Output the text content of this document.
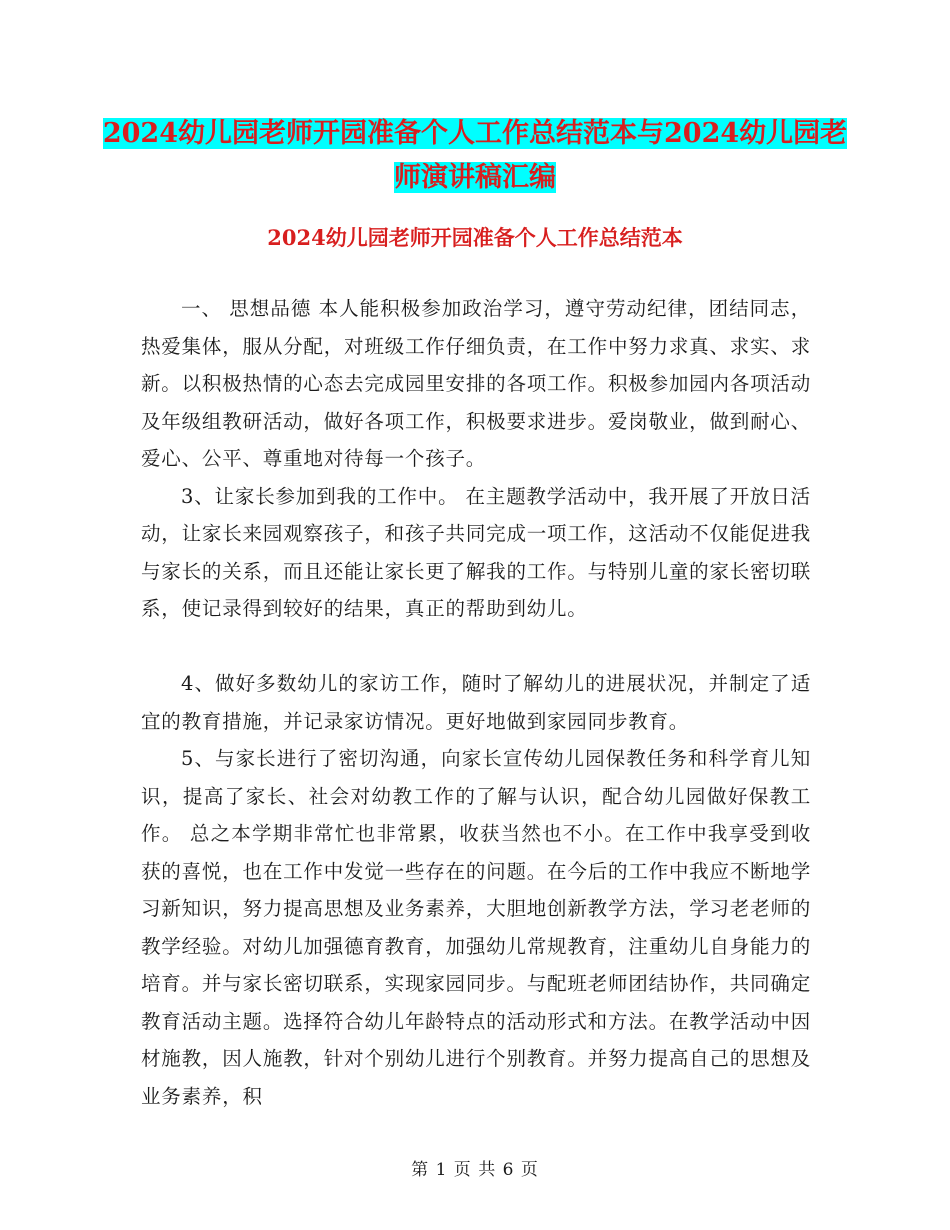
2024幼儿园老师开园准备个人工作总结范本与2024幼儿园老师演讲稿汇编
2024幼儿园老师开园准备个人工作总结范本

一、 思想品德 本人能积极参加政治学习，遵守劳动纪律，团结同志，热爱集体，服从分配，对班级工作仔细负责，在工作中努力求真、求实、求新。以积极热情的心态去完成园里安排的各项工作。积极参加园内各项活动及年级组教研活动，做好各项工作，积极要求进步。爱岗敬业，做到耐心、爱心、公平、尊重地对待每一个孩子。

3、让家长参加到我的工作中。 在主题教学活动中，我开展了开放日活动，让家长来园观察孩子，和孩子共同完成一项工作，这活动不仅能促进我与家长的关系，而且还能让家长更了解我的工作。与特别儿童的家长密切联系，使记录得到较好的结果，真正的帮助到幼儿。

4、做好多数幼儿的家访工作，随时了解幼儿的进展状况，并制定了适宜的教育措施，并记录家访情况。更好地做到家园同步教育。

5、与家长进行了密切沟通，向家长宣传幼儿园保教任务和科学育儿知识，提高了家长、社会对幼教工作的了解与认识，配合幼儿园做好保教工作。 总之本学期非常忙也非常累，收获当然也不小。在工作中我享受到收获的喜悦，也在工作中发觉一些存在的问题。在今后的工作中我应不断地学习新知识，努力提高思想及业务素养，大胆地创新教学方法，学习老老师的教学经验。对幼儿加强德育教育，加强幼儿常规教育，注重幼儿自身能力的培育。并与家长密切联系，实现家园同步。与配班老师团结协作，共同确定教育活动主题。选择符合幼儿年龄特点的活动形式和方法。在教学活动中因材施教，因人施教，针对个别幼儿进行个别教育。并努力提高自己的思想及业务素养，积

第 1 页 共 6 页
